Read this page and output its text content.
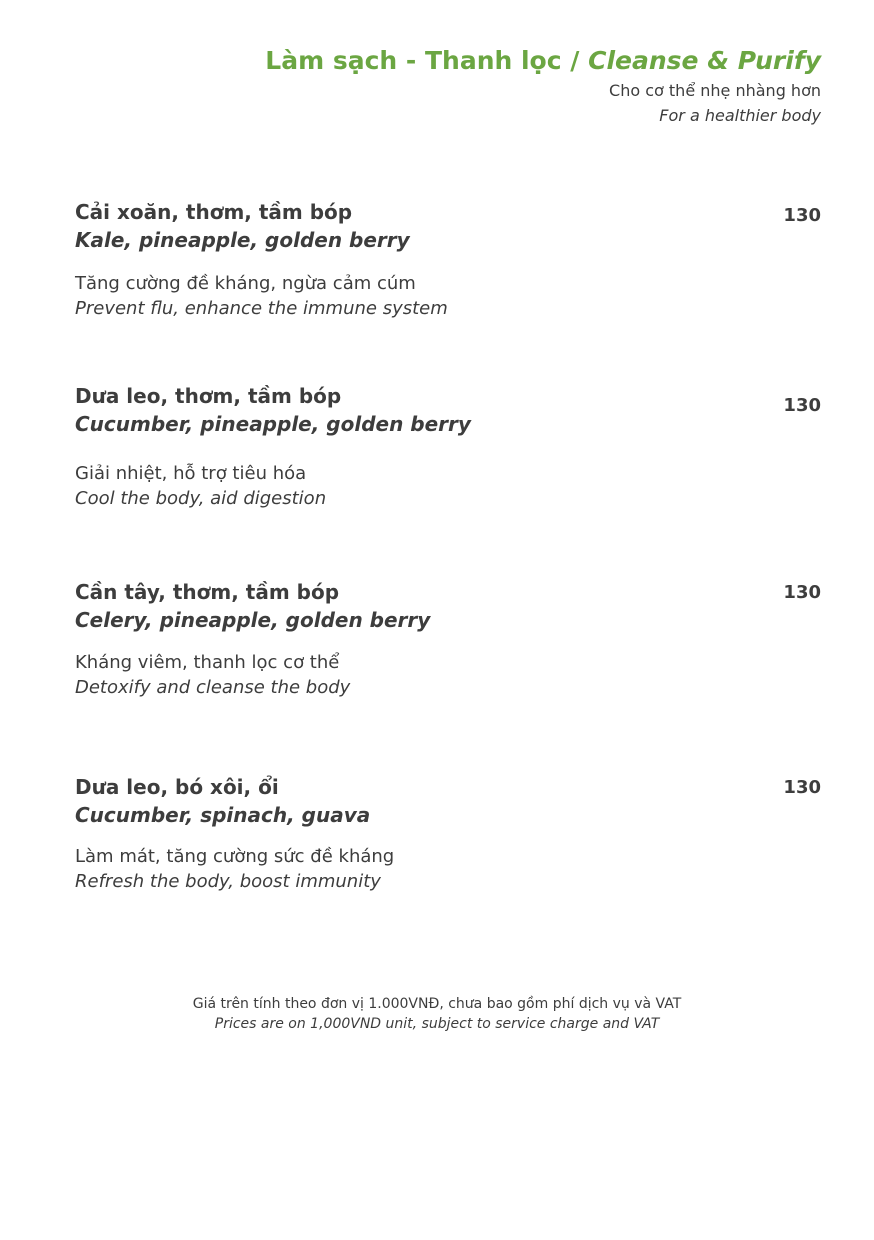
Làm sạch - Thanh lọc / Cleanse & Purify
Cho cơ thể nhẹ nhàng hơn
For a healthier body
Cải xoăn, thơm, tầm bóp
Kale, pineapple, golden berry
Tăng cường đề kháng, ngừa cảm cúm
Prevent flu, enhance the immune system
130
Dưa leo, thơm, tầm bóp
Cucumber, pineapple, golden berry
Giải nhiệt, hỗ trợ tiêu hóa
Cool the body, aid digestion
130
Cần tây, thơm, tầm bóp
Celery, pineapple, golden berry
Kháng viêm, thanh lọc cơ thể
Detoxify and cleanse the body
130
Dưa leo, bó xôi, ổi
Cucumber, spinach, guava
Làm mát, tăng cường sức đề kháng
Refresh the body, boost immunity
130
Giá trên tính theo đơn vị 1.000VNĐ, chưa bao gồm phí dịch vụ và VAT
Prices are on 1,000VND unit, subject to service charge and VAT
